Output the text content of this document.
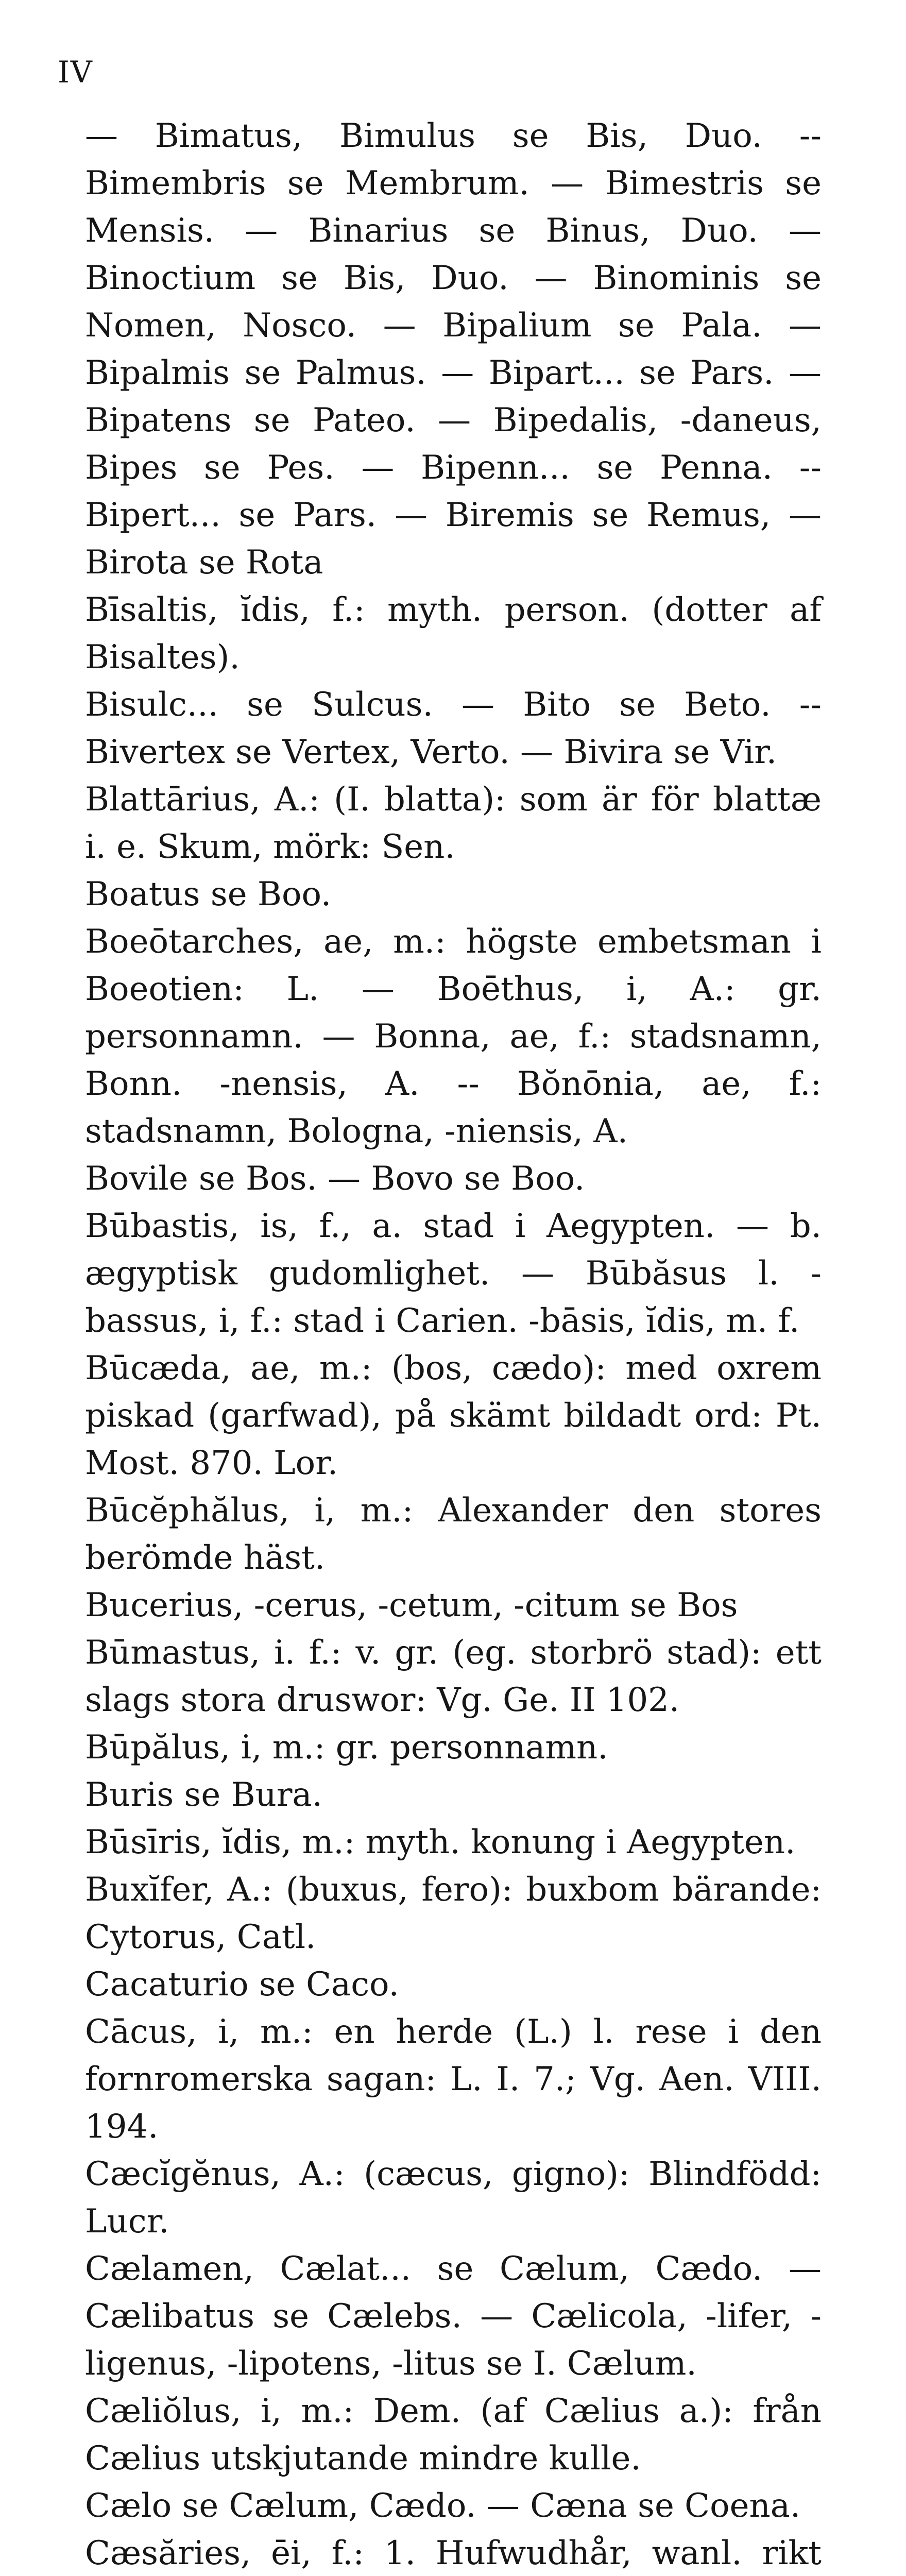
IV

— Bimatus, Bimulus se Bis, Duo. -- Bimembris se Membrum. — Bimestris se Mensis. — Binarius se Binus, Duo. — Binoctium se Bis, Duo. — Binominis se Nomen, Nosco. — Bipalium se Pala. — Bipalmis se Palmus. — Bipart... se Pars. — Bipatens se Pateo. — Bipedalis, -daneus, Bipes se Pes. — Bipenn... se Penna. -- Bipert... se Pars. — Biremis se Remus, — Birota se Rota

Bīsaltis, ĭdis, f.: myth. person. (dotter af Bisaltes).

Bisulc... se Sulcus. — Bito se Beto. -- Bivertex se Vertex, Verto. — Bivira se Vir.

Blattārius, A.: (I. blatta): som är för blattæ i. e. Skum, mörk: Sen.

Boatus se Boo.

Boeōtarches, ae, m.: högste embetsman i Boeotien: L. — Boēthus, i, A.: gr. personnamn. — Bonna, ae, f.: stadsnamn, Bonn. -nensis, A. -- Bŏnōnia, ae, f.: stadsnamn, Bologna, -niensis, A.

Bovile se Bos. — Bovo se Boo.

Būbastis, is, f., a. stad i Aegypten. — b. ægyptisk gudomlighet. — Būbăsus l. -bassus, i, f.: stad i Carien. -bāsis, ĭdis, m. f.

Būcæda, ae, m.: (bos, cædo): med oxrem piskad (garfwad), på skämt bildadt ord: Pt. Most. 870. Lor.

Būcĕphălus, i, m.: Alexander den stores berömde häst.

Bucerius, -cerus, -cetum, -citum se Bos

Būmastus, i. f.: v. gr. (eg. storbrö stad): ett slags stora druswor: Vg. Ge. II 102.

Būpălus, i, m.: gr. personnamn.

Buris se Bura.

Būsīris, ĭdis, m.: myth. konung i Aegypten.

Buxĭfer, A.: (buxus, fero): buxbom bärande: Cytorus, Catl.

Cacaturio se Caco.

Cācus, i, m.: en herde (L.) l. rese i den fornromerska sagan: L. I. 7.; Vg. Aen. VIII. 194.

Cæcĭgĕnus, A.: (cæcus, gigno): Blindfödd: Lucr.

Cælamen, Cælat... se Cælum, Cædo. — Cælibatus se Cælebs. — Cælicola, -lifer, -ligenus, -lipotens, -litus se I. Cælum.

Cæliŏlus, i, m.: Dem. (af Cælius a.): från Cælius utskjutande mindre kulle.

Cælo se Cælum, Cædo. — Cæna se Coena.

Cæsăries, ēi, f.: 1. Hufwudhår, wanl. rikt
